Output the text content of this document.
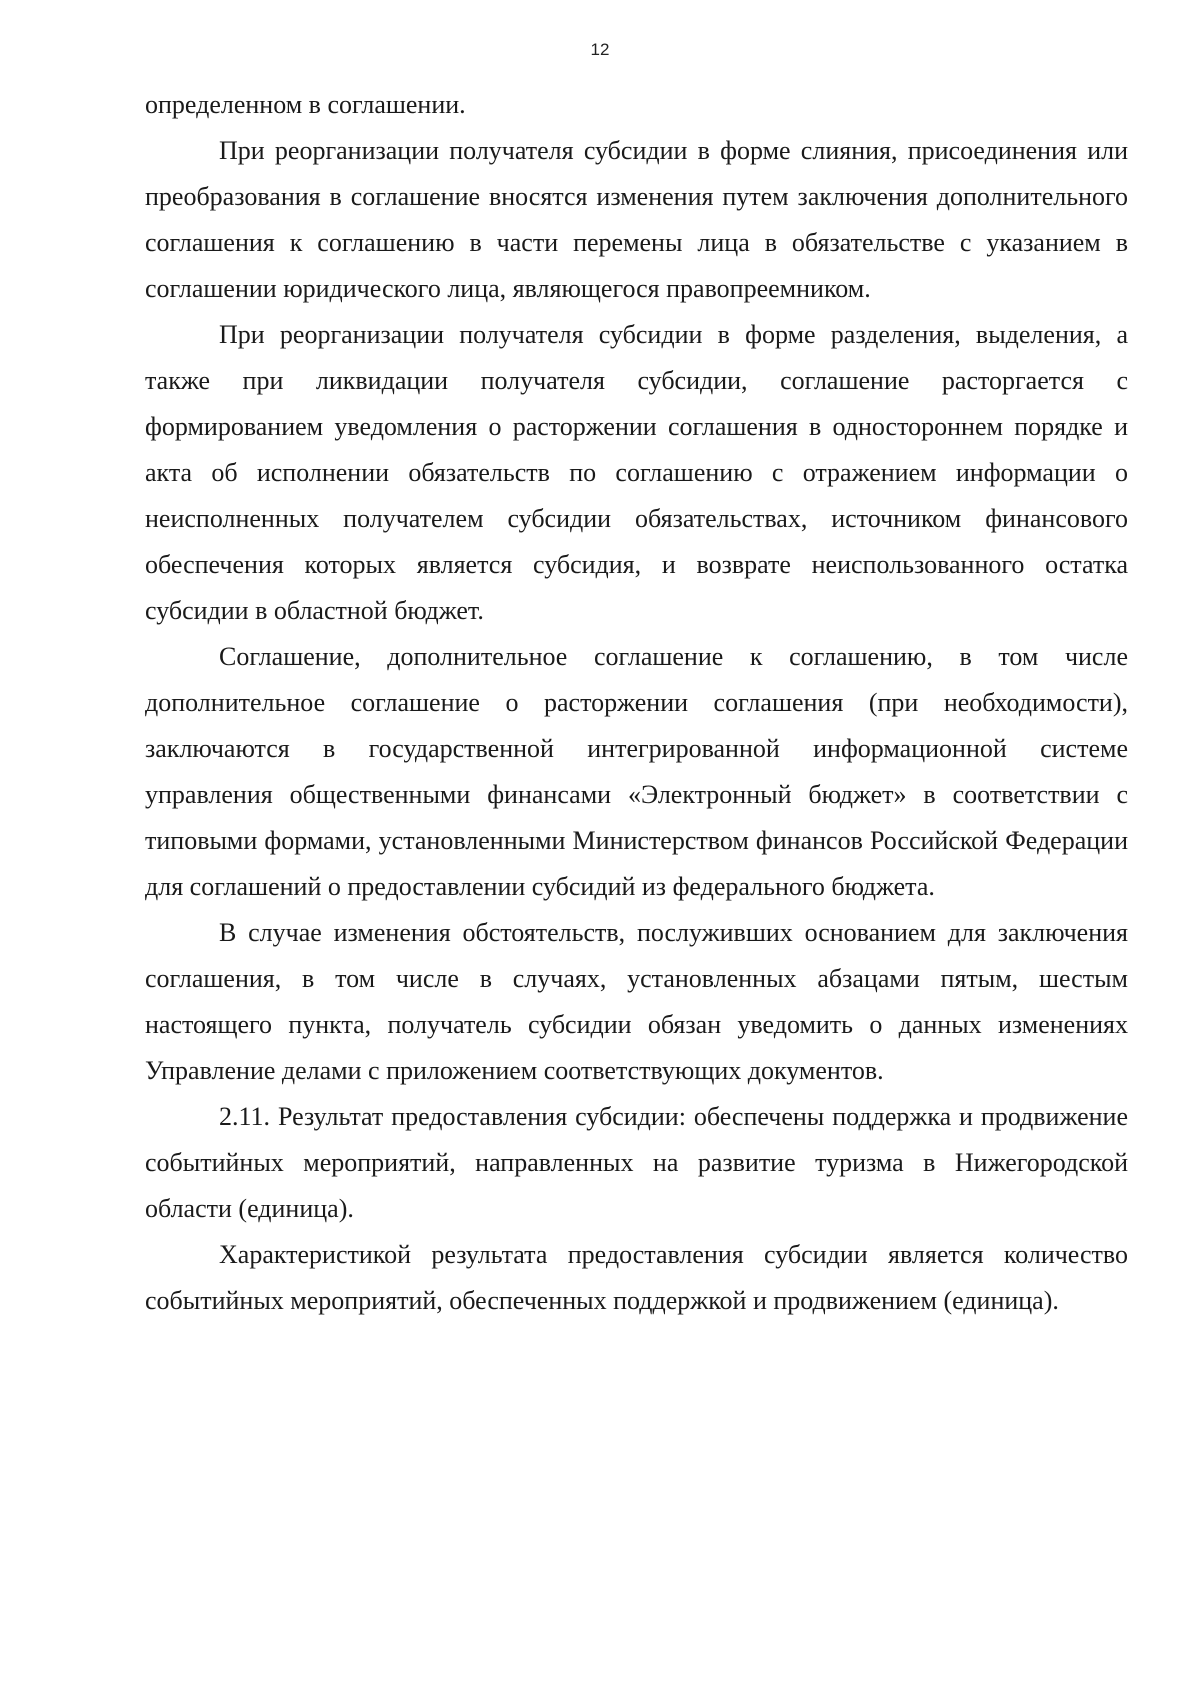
12

определенном в соглашении.

При реорганизации получателя субсидии в форме слияния, присоединения или преобразования в соглашение вносятся изменения путем заключения дополнительного соглашения к соглашению в части перемены лица в обязательстве с указанием в соглашении юридического лица, являющегося правопреемником.

При реорганизации получателя субсидии в форме разделения, выделения, а также при ликвидации получателя субсидии, соглашение расторгается с формированием уведомления о расторжении соглашения в одностороннем порядке и акта об исполнении обязательств по соглашению с отражением информации о неисполненных получателем субсидии обязательствах, источником финансового обеспечения которых является субсидия, и возврате неиспользованного остатка субсидии в областной бюджет.

Соглашение, дополнительное соглашение к соглашению, в том числе дополнительное соглашение о расторжении соглашения (при необходимости), заключаются в государственной интегрированной информационной системе управления общественными финансами «Электронный бюджет» в соответствии с типовыми формами, установленными Министерством финансов Российской Федерации для соглашений о предоставлении субсидий из федерального бюджета.

В случае изменения обстоятельств, послуживших основанием для заключения соглашения, в том числе в случаях, установленных абзацами пятым, шестым настоящего пункта, получатель субсидии обязан уведомить о данных изменениях Управление делами с приложением соответствующих документов.

2.11. Результат предоставления субсидии: обеспечены поддержка и продвижение событийных мероприятий, направленных на развитие туризма в Нижегородской области (единица).

Характеристикой результата предоставления субсидии является количество событийных мероприятий, обеспеченных поддержкой и продвижением (единица).
